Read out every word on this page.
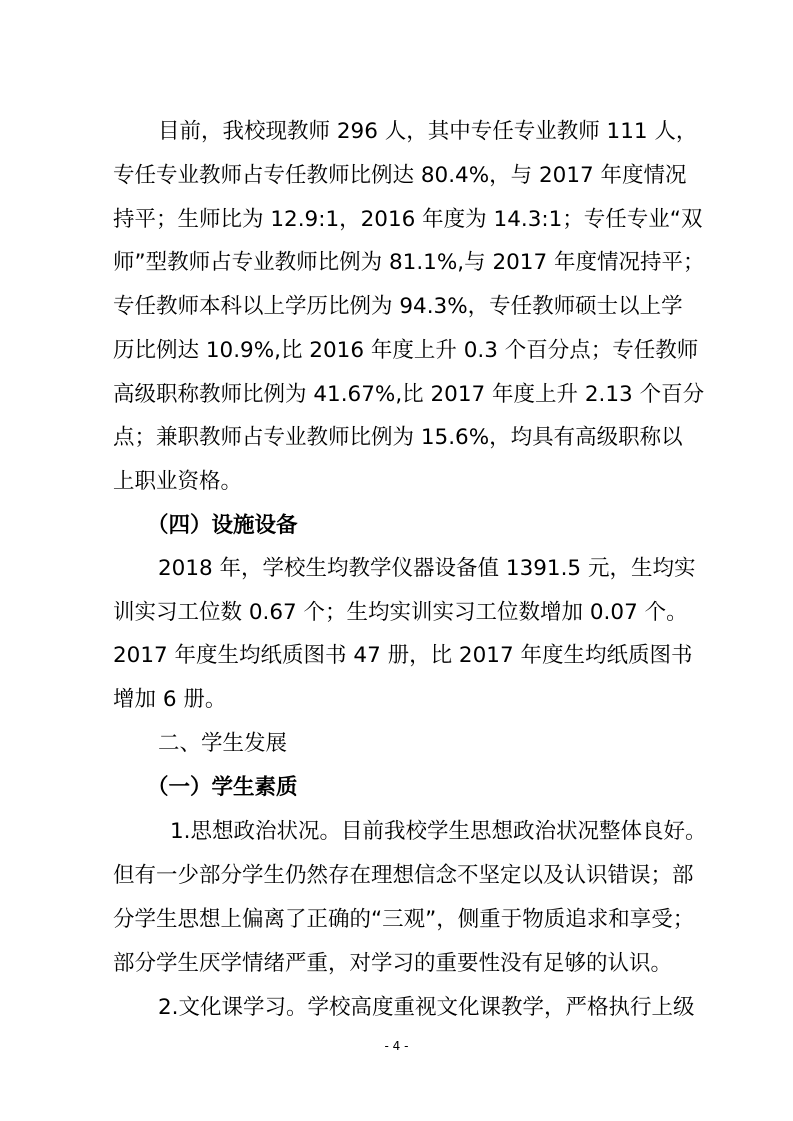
目前，我校现教师 296 人，其中专任专业教师 111 人，
专任专业教师占专任教师比例达 80.4%，与 2017 年度情况
持平；生师比为 12.9:1，2016 年度为 14.3:1；专任专业“双
师”型教师占专业教师比例为 81.1%,与 2017 年度情况持平；
专任教师本科以上学历比例为 94.3%，专任教师硕士以上学
历比例达 10.9%,比 2016 年度上升 0.3 个百分点；专任教师
高级职称教师比例为 41.67%,比 2017 年度上升 2.13 个百分
点；兼职教师占专业教师比例为 15.6%，均具有高级职称以
上职业资格。
（四）设施设备
2018 年，学校生均教学仪器设备值 1391.5 元，生均实
训实习工位数 0.67 个；生均实训实习工位数增加 0.07 个。
2017 年度生均纸质图书 47 册，比 2017 年度生均纸质图书
增加 6 册。
二、学生发展
（一）学生素质
1.思想政治状况。目前我校学生思想政治状况整体良好。
但有一少部分学生仍然存在理想信念不坚定以及认识错误；部
分学生思想上偏离了正确的“三观”，侧重于物质追求和享受；
部分学生厌学情绪严重，对学习的重要性没有足够的认识。
2.文化课学习。学校高度重视文化课教学，严格执行上级
- 4 -
